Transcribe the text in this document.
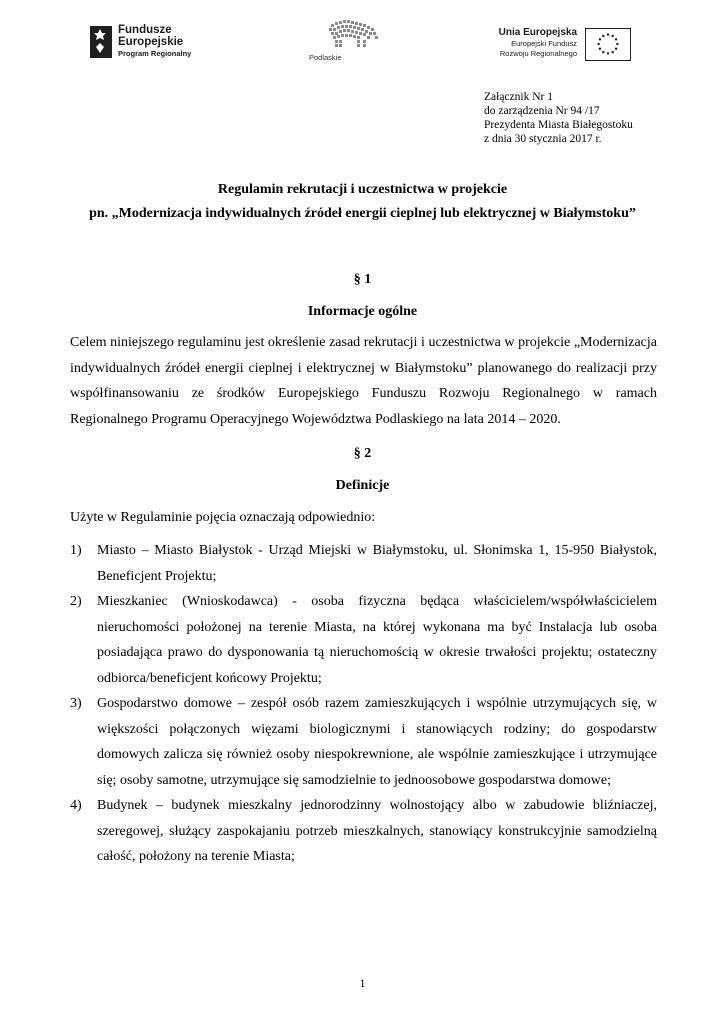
Fundusze
Europejskie
Program Regionalny	Podlaskie
Unia Europejska
Europejski Fundusz
Rozwoju Regionalnego
Załącznik Nr 1
do zarządzenia Nr 94 /17
Prezydenta Miasta Białegostoku
z dnia 30 stycznia 2017 r.
Regulamin rekrutacji i uczestnictwa w projekcie
pn. „Modernizacja indywidualnych źródeł energii cieplnej lub elektrycznej w Białymstoku”
§ 1
Informacje ogólne
Celem niniejszego regulaminu jest określenie zasad rekrutacji i uczestnictwa w projekcie „Modernizacja indywidualnych źródeł energii cieplnej i elektrycznej w Białymstoku” planowanego do realizacji przy współfinansowaniu ze środków Europejskiego Funduszu Rozwoju Regionalnego w ramach Regionalnego Programu Operacyjnego Województwa Podlaskiego na lata 2014 – 2020.
§ 2
Definicje
Użyte w Regulaminie pojęcia oznaczają odpowiednio:
1) Miasto – Miasto Białystok - Urząd Miejski w Białymstoku, ul. Słonimska 1, 15-950 Białystok, Beneficjent Projektu;
2) Mieszkaniec (Wnioskodawca) - osoba fizyczna będąca właścicielem/współwłaścicielem nieruchomości położonej na terenie Miasta, na której wykonana ma być Instalacja lub osoba posiadająca prawo do dysponowania tą nieruchomością w okresie trwałości projektu; ostateczny odbiorca/beneficjent końcowy Projektu;
3) Gospodarstwo domowe – zespół osób razem zamieszkujących i wspólnie utrzymujących się, w większości połączonych więzami biologicznymi i stanowiących rodziny; do gospodarstw domowych zalicza się również osoby niespokrewnione, ale wspólnie zamieszkujące i utrzymujące się; osoby samotne, utrzymujące się samodzielnie to jednoosobowe gospodarstwa domowe;
4) Budynek – budynek mieszkalny jednorodzinny wolnostojący albo w zabudowie bliźniaczej, szeregowej, służący zaspokajaniu potrzeb mieszkalnych, stanowiący konstrukcyjnie samodzielną całość, położony na terenie Miasta;
1
